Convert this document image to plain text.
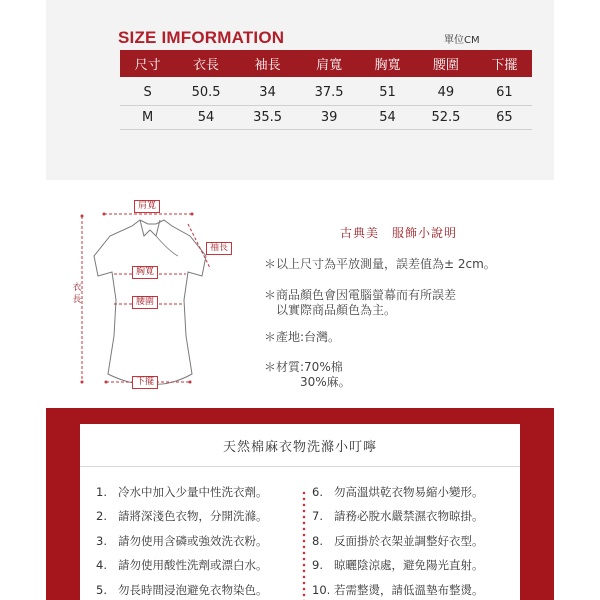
SIZE IMFORMATION	單位CM
尺寸	衣長	袖長	肩寬	胸寬	腰圍	下擺
S	50.5	34	37.5	51	49	61
M	54	35.5	39	54	52.5	65
肩寬
袖長
胸寬
衣長	腰圍
下擺
古典美　服飾小說明
＊以上尺寸為平放測量，誤差值為± 2cm。
＊商品顏色會因電腦螢幕而有所誤差
　以實際商品顏色為主。
＊產地:台灣。
＊材質:70%棉
　　　30%麻。
天然棉麻衣物洗滌小叮嚀
1. 冷水中加入少量中性洗衣劑。
2. 請將深淺色衣物，分開洗滌。
3. 請勿使用含磷或強效洗衣粉。
4. 請勿使用酸性洗劑或漂白水。
5. 勿長時間浸泡避免衣物染色。
6. 勿高溫烘乾衣物易縮小變形。
7. 請務必脫水嚴禁濕衣物晾掛。
8. 反面掛於衣架並調整好衣型。
9. 晾曬陰涼處，避免陽光直射。
10. 若需整燙，請低溫墊布整燙。
